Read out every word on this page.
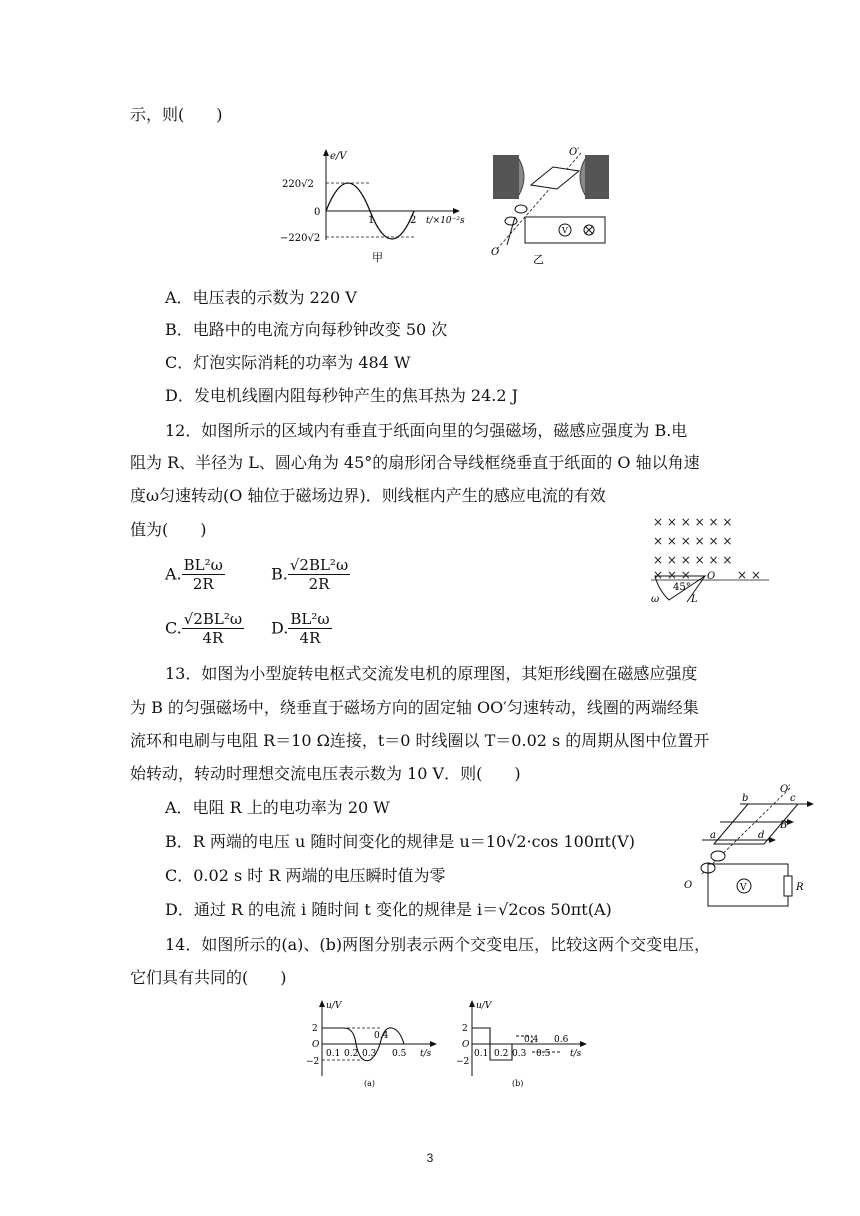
示，则(　　)
e/V
220√2
0
−220√2
1	2 t/×10⁻²s
甲
V
O′
O
乙
A．电压表的示数为 220 V
B．电路中的电流方向每秒钟改变 50 次
C．灯泡实际消耗的功率为 484 W
D．发电机线圈内阻每秒钟产生的焦耳热为 24.2 J
12．如图所示的区域内有垂直于纸面向里的匀强磁场，磁感应强度为 B.电
阻为 R、半径为 L、圆心角为 45°的扇形闭合导线框绕垂直于纸面的 O 轴以角速
度ω匀速转动(O 轴位于磁场边界)．则线框内产生的感应电流的有效
值为(　　)
A. $\frac{\text{BL²ω}}{2R}$	B. $\frac{\text{√2BL²ω}}{2R}$
C. $\frac{\text{√2BL²ω}}{4R} D$. $\frac{\text{BL²ω}}{4R}$
× × × × × ×
× × × × × ×
× × × × × ×
× × ×	× ×
O
45°
ω	L
13．如图为小型旋转电枢式交流发电机的原理图，其矩形线圈在磁感应强度
为 B 的匀强磁场中，绕垂直于磁场方向的固定轴 OO′匀速转动，线圈的两端经集
流环和电刷与电阻 R＝10 Ω连接，t＝0 时线圈以 T＝0.02 s 的周期从图中位置开
始转动，转动时理想交流电压表示数为 10 V．则(　　)
A．电阻 R 上的电功率为 20 W
B．R 两端的电压 u 随时间变化的规律是 u＝10√2·cos 100πt(V)
C．0.02 s 时 R 两端的电压瞬时值为零
D．通过 R 的电流 i 随时间 t 变化的规律是 i＝√2cos 50πt(A)
O′
b	c
B
a	d
O	V	R
14．如图所示的(a)、(b)两图分别表示两个交变电压，比较这两个交变电压，
它们具有共同的(　　)
u/V
2
O
−2
0.1 0.2 0.3 0.5
0.4
t/s
(a)
u/V
2
O
−2
0.1 0.2 0.3 0.5
0.4 0.6
t/s
(b)
3
